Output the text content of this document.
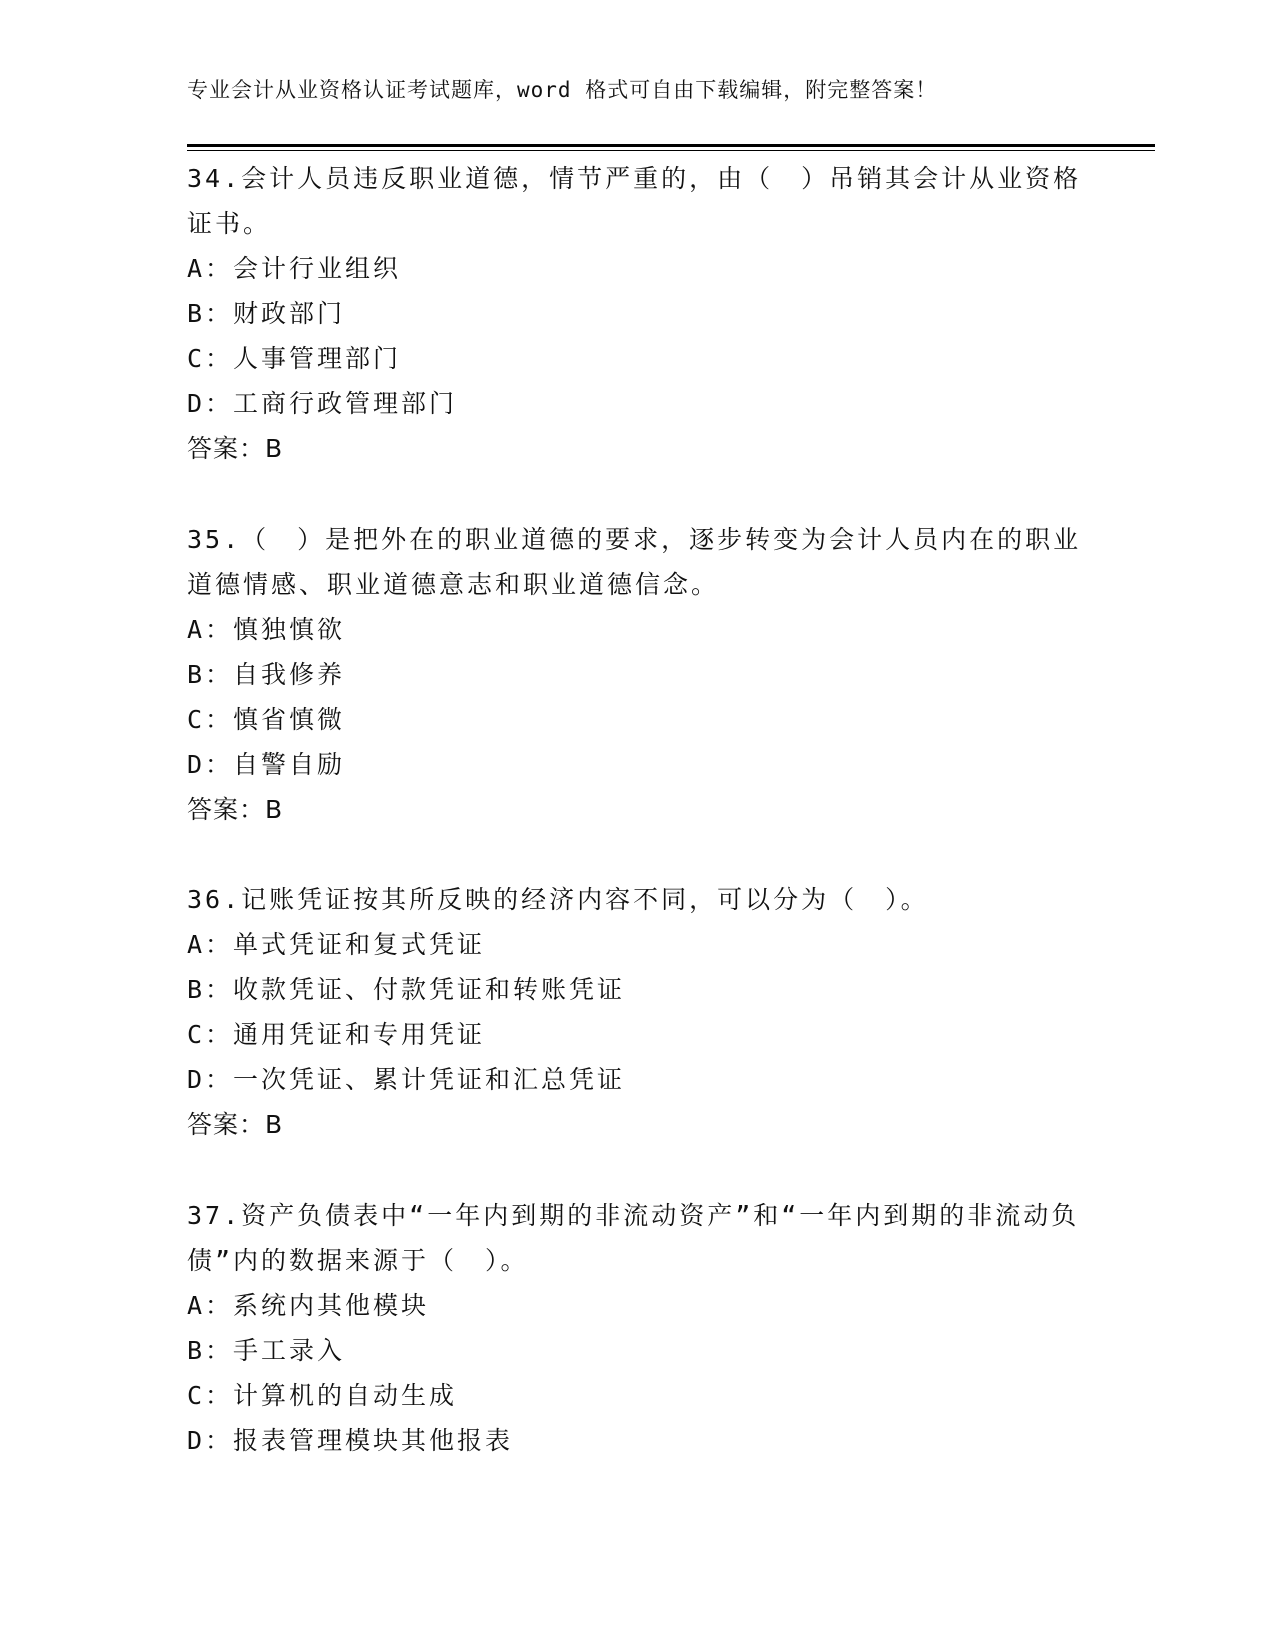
专业会计从业资格认证考试题库，word 格式可自由下载编辑，附完整答案！

34.会计人员违反职业道德，情节严重的，由（　）吊销其会计从业资格证书。

A：会计行业组织
B：财政部门
C：人事管理部门
D：工商行政管理部门
答案：B

35.（　）是把外在的职业道德的要求，逐步转变为会计人员内在的职业道德情感、职业道德意志和职业道德信念。

A：慎独慎欲
B：自我修养
C：慎省慎微
D：自警自励
答案：B

36.记账凭证按其所反映的经济内容不同，可以分为（　）。

A：单式凭证和复式凭证
B：收款凭证、付款凭证和转账凭证
C：通用凭证和专用凭证
D：一次凭证、累计凭证和汇总凭证
答案：B

37.资产负债表中“一年内到期的非流动资产”和“一年内到期的非流动负债”内的数据来源于（　）。

A：系统内其他模块
B：手工录入
C：计算机的自动生成
D：报表管理模块其他报表
